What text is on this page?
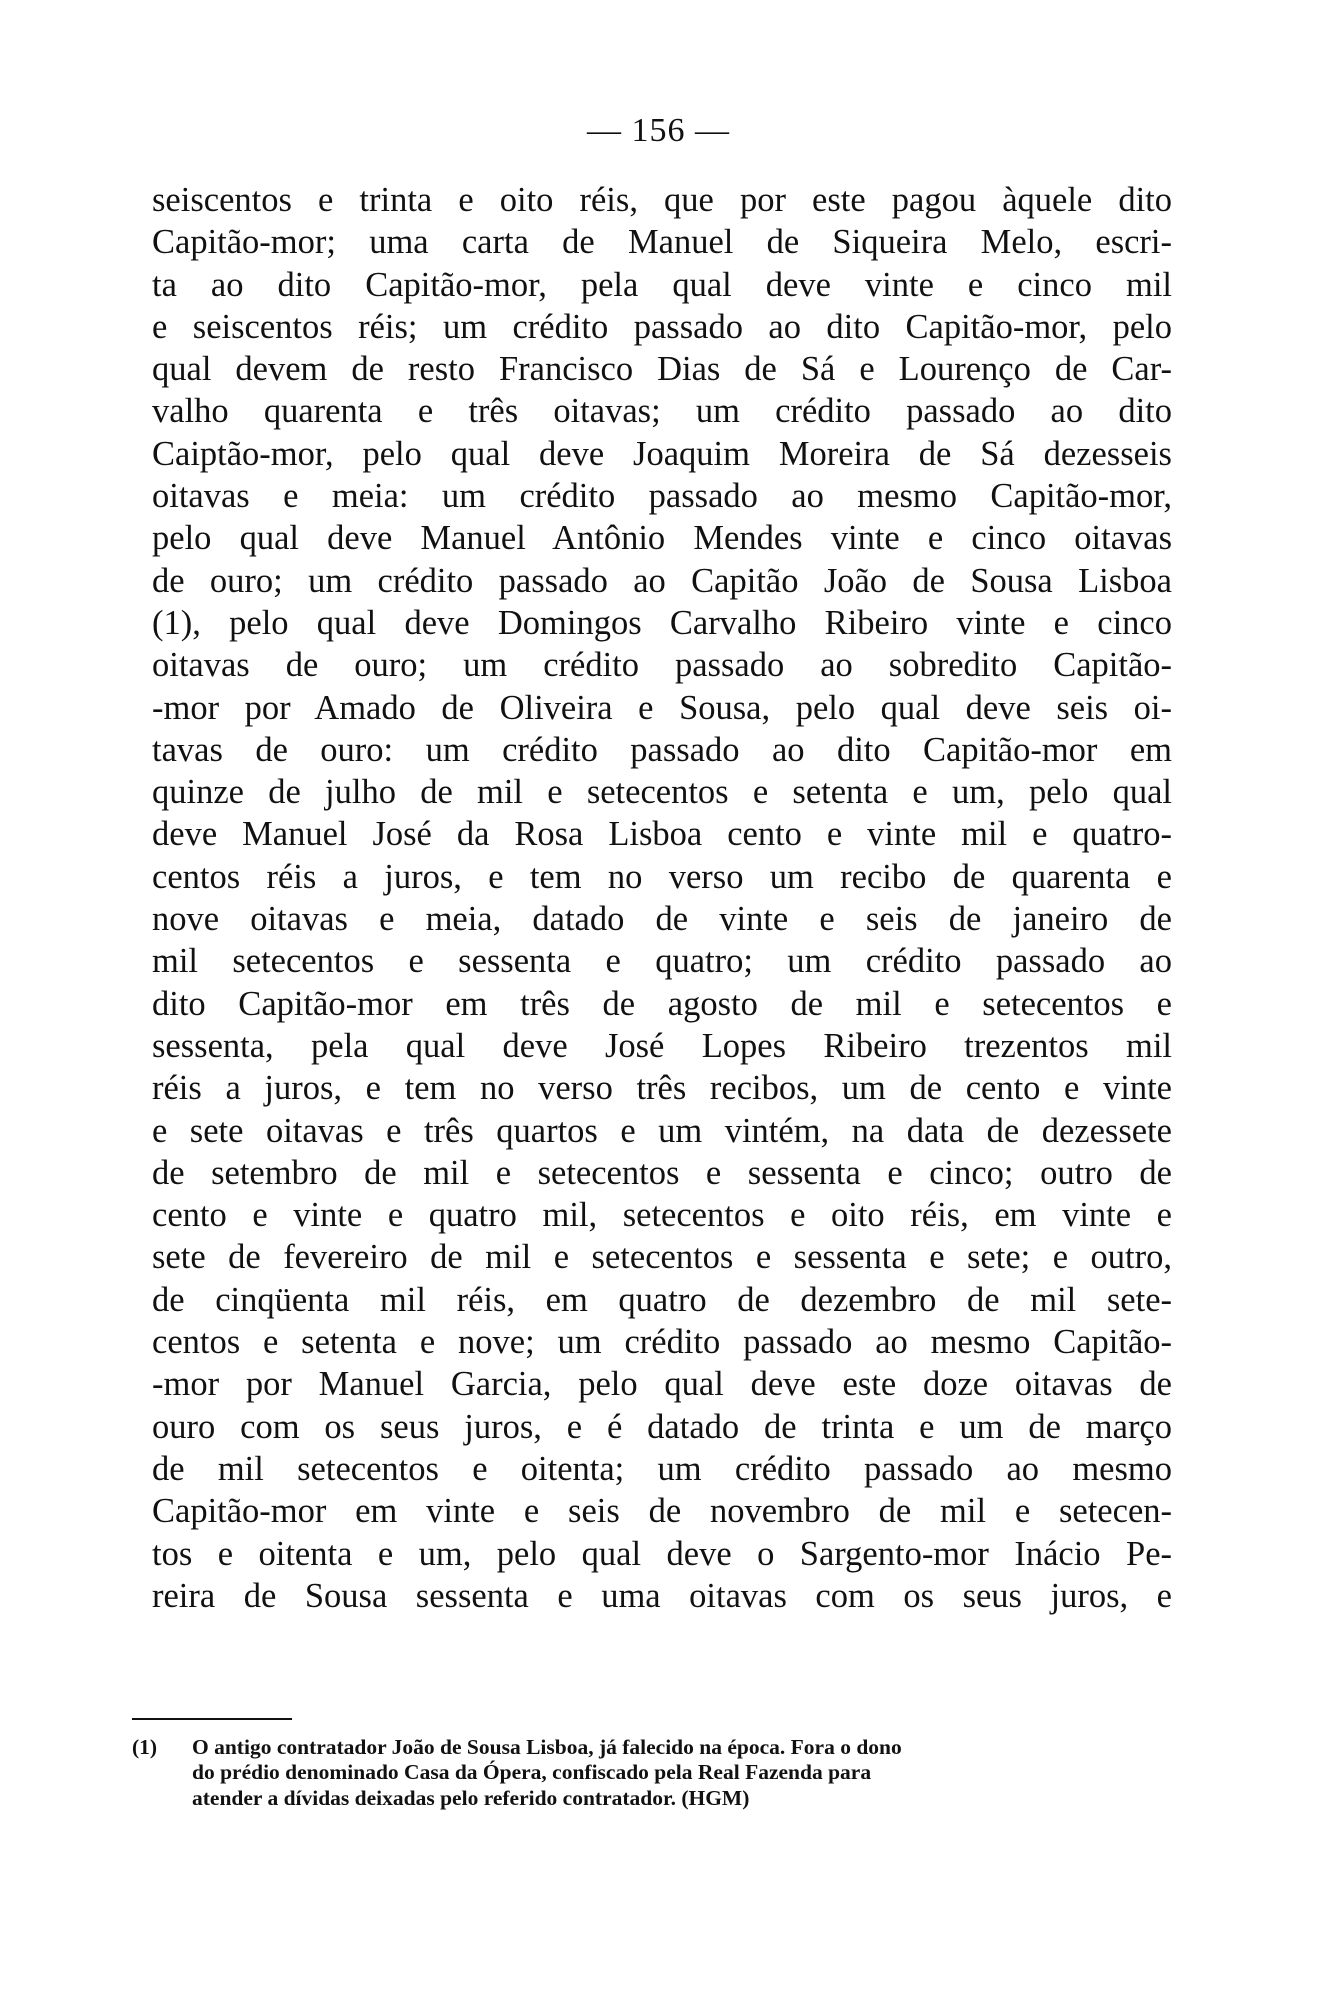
— 156 —
seiscentos e trinta e oito réis, que por este pagou àquele dito
Capitão-mor; uma carta de Manuel de Siqueira Melo, escri-
ta ao dito Capitão-mor, pela qual deve vinte e cinco mil
e seiscentos réis; um crédito passado ao dito Capitão-mor, pelo
qual devem de resto Francisco Dias de Sá e Lourenço de Car-
valho quarenta e três oitavas; um crédito passado ao dito
Caiptão-mor, pelo qual deve Joaquim Moreira de Sá dezesseis
oitavas e meia: um crédito passado ao mesmo Capitão-mor,
pelo qual deve Manuel Antônio Mendes vinte e cinco oitavas
de ouro; um crédito passado ao Capitão João de Sousa Lisboa
(1), pelo qual deve Domingos Carvalho Ribeiro vinte e cinco
oitavas de ouro; um crédito passado ao sobredito Capitão-
-mor por Amado de Oliveira e Sousa, pelo qual deve seis oi-
tavas de ouro: um crédito passado ao dito Capitão-mor em
quinze de julho de mil e setecentos e setenta e um, pelo qual
deve Manuel José da Rosa Lisboa cento e vinte mil e quatro-
centos réis a juros, e tem no verso um recibo de quarenta e
nove oitavas e meia, datado de vinte e seis de janeiro de
mil setecentos e sessenta e quatro; um crédito passado ao
dito Capitão-mor em três de agosto de mil e setecentos e
sessenta, pela qual deve José Lopes Ribeiro trezentos mil
réis a juros, e tem no verso três recibos, um de cento e vinte
e sete oitavas e três quartos e um vintém, na data de dezessete
de setembro de mil e setecentos e sessenta e cinco; outro de
cento e vinte e quatro mil, setecentos e oito réis, em vinte e
sete de fevereiro de mil e setecentos e sessenta e sete; e outro,
de cinqüenta mil réis, em quatro de dezembro de mil sete-
centos e setenta e nove; um crédito passado ao mesmo Capitão-
-mor por Manuel Garcia, pelo qual deve este doze oitavas de
ouro com os seus juros, e é datado de trinta e um de março
de mil setecentos e oitenta; um crédito passado ao mesmo
Capitão-mor em vinte e seis de novembro de mil e setecen-
tos e oitenta e um, pelo qual deve o Sargento-mor Inácio Pe-
reira de Sousa sessenta e uma oitavas com os seus juros, e
(1) O antigo contratador João de Sousa Lisboa, já falecido na época. Fora o dono
do prédio denominado Casa da Ópera, confiscado pela Real Fazenda para
atender a dívidas deixadas pelo referido contratador. (HGM)
